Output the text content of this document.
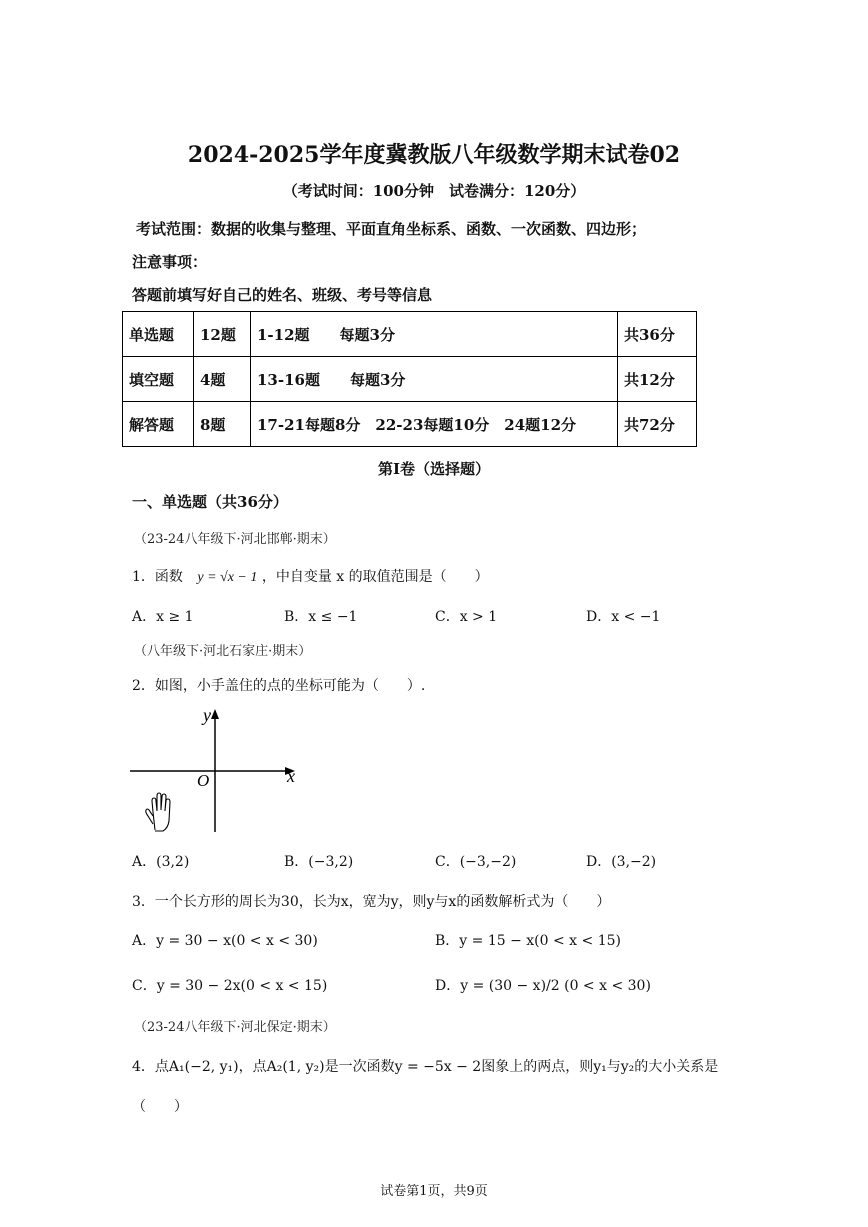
2024-2025学年度冀教版八年级数学期末试卷02
（考试时间：100分钟　试卷满分：120分）
考试范围：数据的收集与整理、平面直角坐标系、函数、一次函数、四边形；
注意事项：
答题前填写好自己的姓名、班级、考号等信息
单选题	12题	1-12题　　每题3分	共36分
填空题	4题	13-16题　　每题3分	共12分
解答题	8题	17-21每题8分　22-23每题10分　24题12分	共72分
第I卷（选择题）
一、单选题（共36分）
（23-24八年级下·河北邯郸·期末）
1．函数 y = √x − 1 ，中自变量 x 的取值范围是（　　）
A．x ≥ 1	B．x ≤ −1	C．x > 1	D．x < −1
（八年级下·河北石家庄·期末）
2．如图，小手盖住的点的坐标可能为（　　）.
y
x
O
A．(3,2)	B．(−3,2)	C．(−3,−2)	D．(3,−2)
3．一个长方形的周长为30，长为x，宽为y，则y与x的函数解析式为（　　）
A．y = 30 − x(0 < x < 30)	B．y = 15 − x(0 < x < 15)
C．y = 30 − 2x(0 < x < 15)	D．y = (30 − x)/2 (0 < x < 30)
（23-24八年级下·河北保定·期末）
4．点A₁(−2, y₁)，点A₂(1, y₂)是一次函数y = −5x − 2图象上的两点，则y₁与y₂的大小关系是
（　　）
试卷第1页，共9页
